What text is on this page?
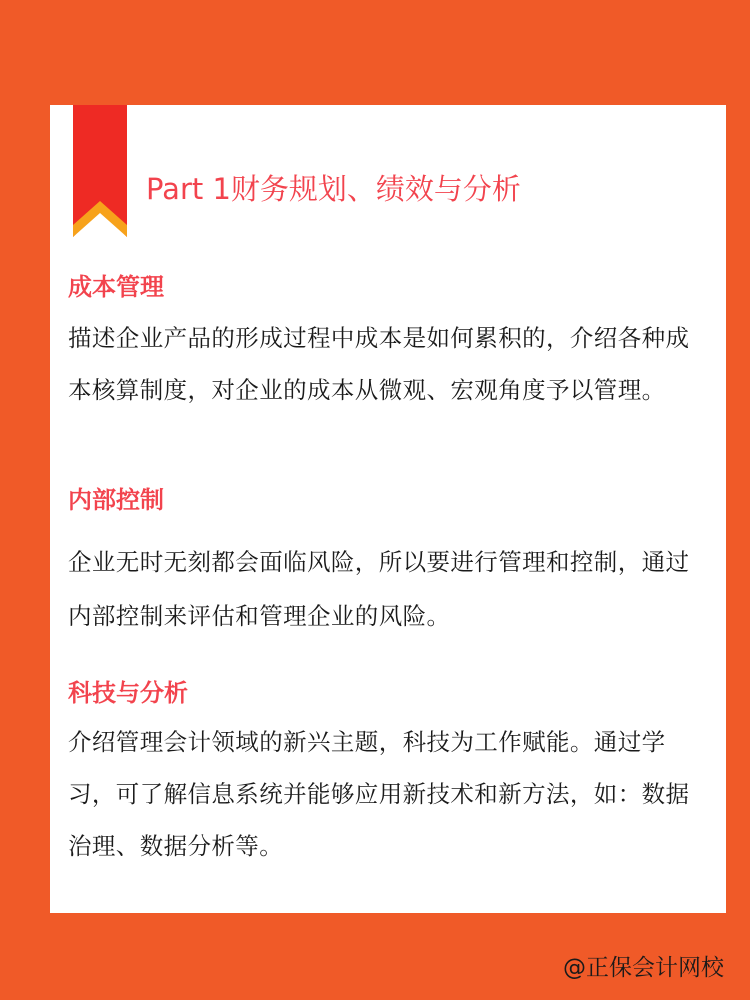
Part 1财务规划、绩效与分析
成本管理
描述企业产品的形成过程中成本是如何累积的，介绍各种成本核算制度，对企业的成本从微观、宏观角度予以管理。
内部控制
企业无时无刻都会面临风险，所以要进行管理和控制，通过内部控制来评估和管理企业的风险。
科技与分析
介绍管理会计领域的新兴主题，科技为工作赋能。通过学习，可了解信息系统并能够应用新技术和新方法，如：数据治理、数据分析等。
@正保会计网校
